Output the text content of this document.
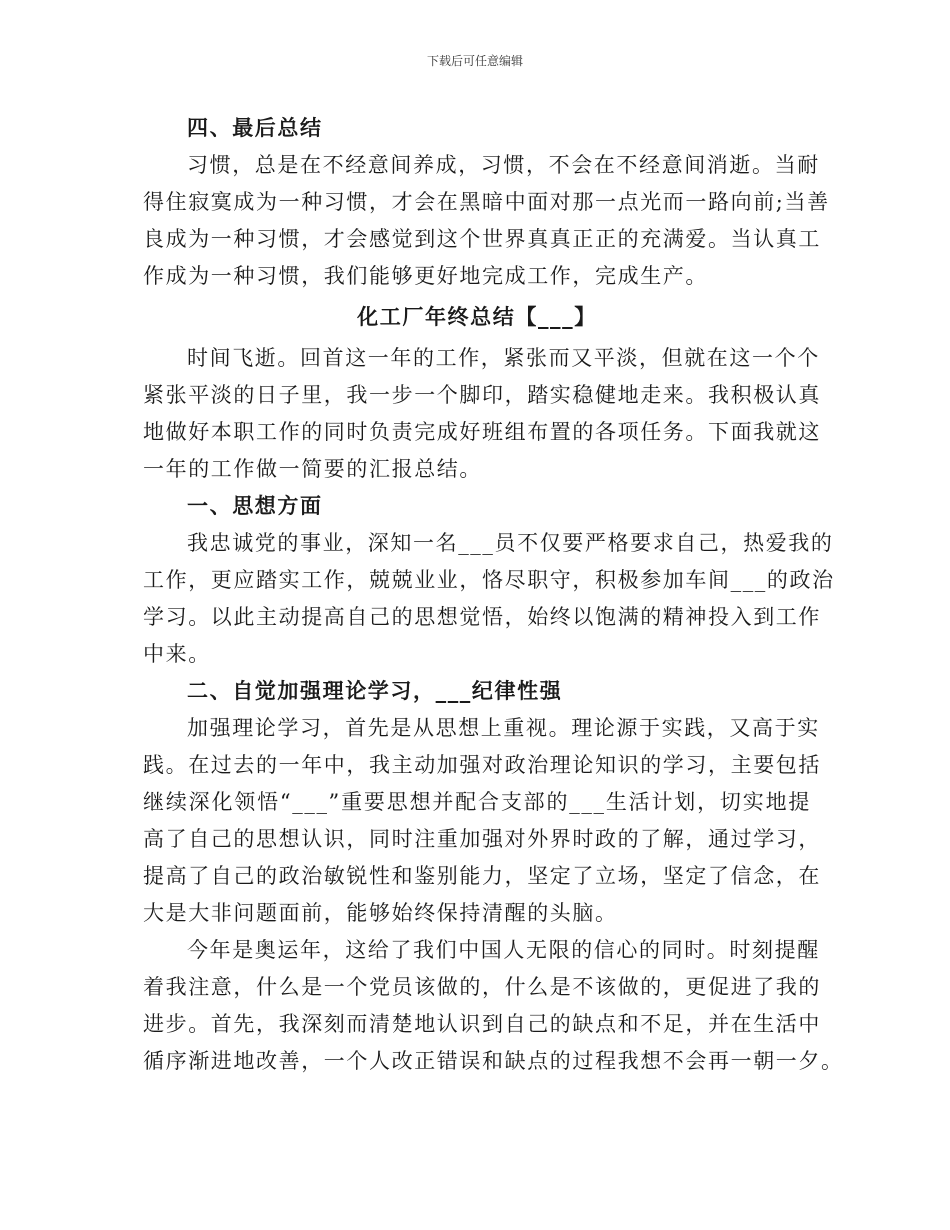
下载后可任意编辑
四、最后总结
习惯，总是在不经意间养成，习惯，不会在不经意间消逝。当耐
得住寂寞成为一种习惯，才会在黑暗中面对那一点光而一路向前;当善
良成为一种习惯，才会感觉到这个世界真真正正的充满爱。当认真工
作成为一种习惯，我们能够更好地完成工作，完成生产。
化工厂年终总结【___】
时间飞逝。回首这一年的工作，紧张而又平淡，但就在这一个个
紧张平淡的日子里，我一步一个脚印，踏实稳健地走来。我积极认真
地做好本职工作的同时负责完成好班组布置的各项任务。下面我就这
一年的工作做一简要的汇报总结。
一、思想方面
我忠诚党的事业，深知一名___员不仅要严格要求自己，热爱我的
工作，更应踏实工作，兢兢业业，恪尽职守，积极参加车间___的政治
学习。以此主动提高自己的思想觉悟，始终以饱满的精神投入到工作
中来。
二、自觉加强理论学习，___纪律性强
加强理论学习，首先是从思想上重视。理论源于实践，又高于实
践。在过去的一年中，我主动加强对政治理论知识的学习，主要包括
继续深化领悟“___”重要思想并配合支部的___生活计划，切实地提
高了自己的思想认识，同时注重加强对外界时政的了解，通过学习，
提高了自己的政治敏锐性和鉴别能力，坚定了立场，坚定了信念，在
大是大非问题面前，能够始终保持清醒的头脑。
今年是奥运年，这给了我们中国人无限的信心的同时。时刻提醒
着我注意，什么是一个党员该做的，什么是不该做的，更促进了我的
进步。首先，我深刻而清楚地认识到自己的缺点和不足，并在生活中
循序渐进地改善，一个人改正错误和缺点的过程我想不会再一朝一夕。
